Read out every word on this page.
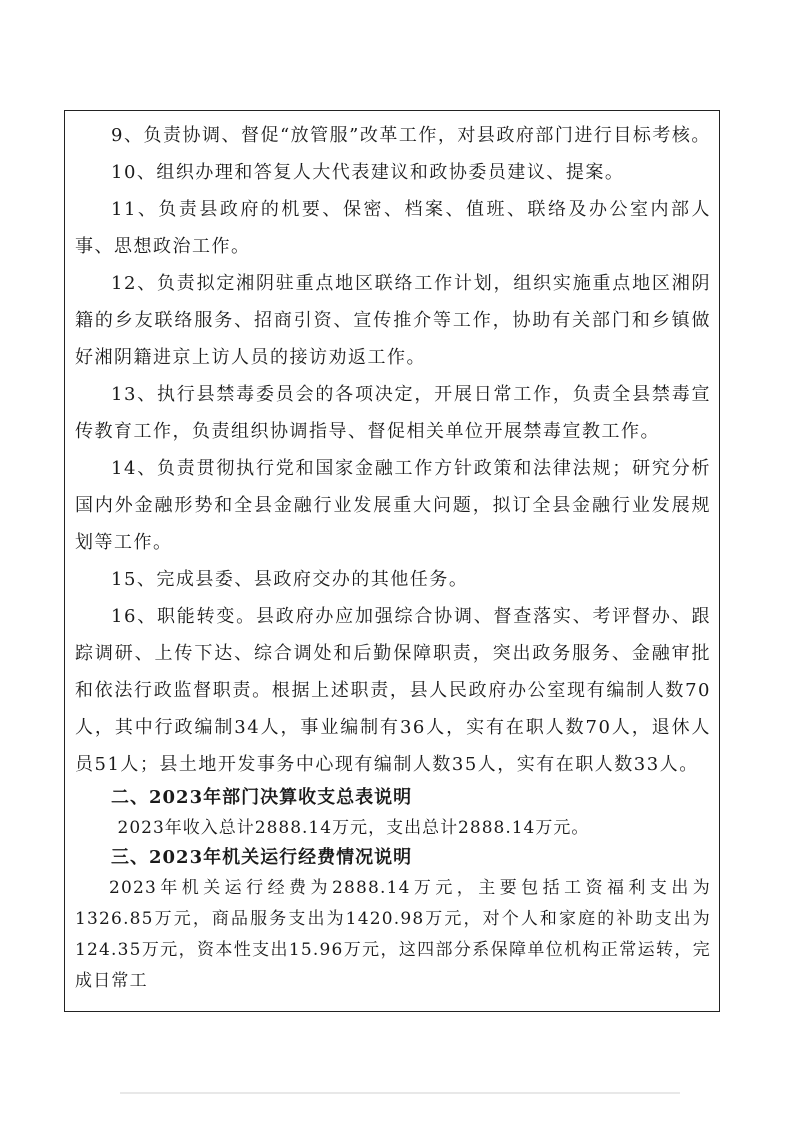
9、负责协调、督促“放管服”改革工作，对县政府部门进行目标考核。

10、组织办理和答复人大代表建议和政协委员建议、提案。

11、负责县政府的机要、保密、档案、值班、联络及办公室内部人事、思想政治工作。

12、负责拟定湘阴驻重点地区联络工作计划，组织实施重点地区湘阴籍的乡友联络服务、招商引资、宣传推介等工作，协助有关部门和乡镇做好湘阴籍进京上访人员的接访劝返工作。

13、执行县禁毒委员会的各项决定，开展日常工作，负责全县禁毒宣传教育工作，负责组织协调指导、督促相关单位开展禁毒宣教工作。

14、负责贯彻执行党和国家金融工作方针政策和法律法规；研究分析国内外金融形势和全县金融行业发展重大问题，拟订全县金融行业发展规划等工作。

15、完成县委、县政府交办的其他任务。

16、职能转变。县政府办应加强综合协调、督查落实、考评督办、跟踪调研、上传下达、综合调处和后勤保障职责，突出政务服务、金融审批和依法行政监督职责。根据上述职责，县人民政府办公室现有编制人数70人，其中行政编制34人，事业编制有36人，实有在职人数70人，退休人员51人；县土地开发事务中心现有编制人数35人，实有在职人数33人。

二、2023年部门决算收支总表说明

2023年收入总计2888.14万元，支出总计2888.14万元。

三、2023年机关运行经费情况说明

2023年机关运行经费为2888.14万元，主要包括工资福利支出为1326.85万元，商品服务支出为1420.98万元，对个人和家庭的补助支出为124.35万元，资本性支出15.96万元，这四部分系保障单位机构正常运转，完成日常工
